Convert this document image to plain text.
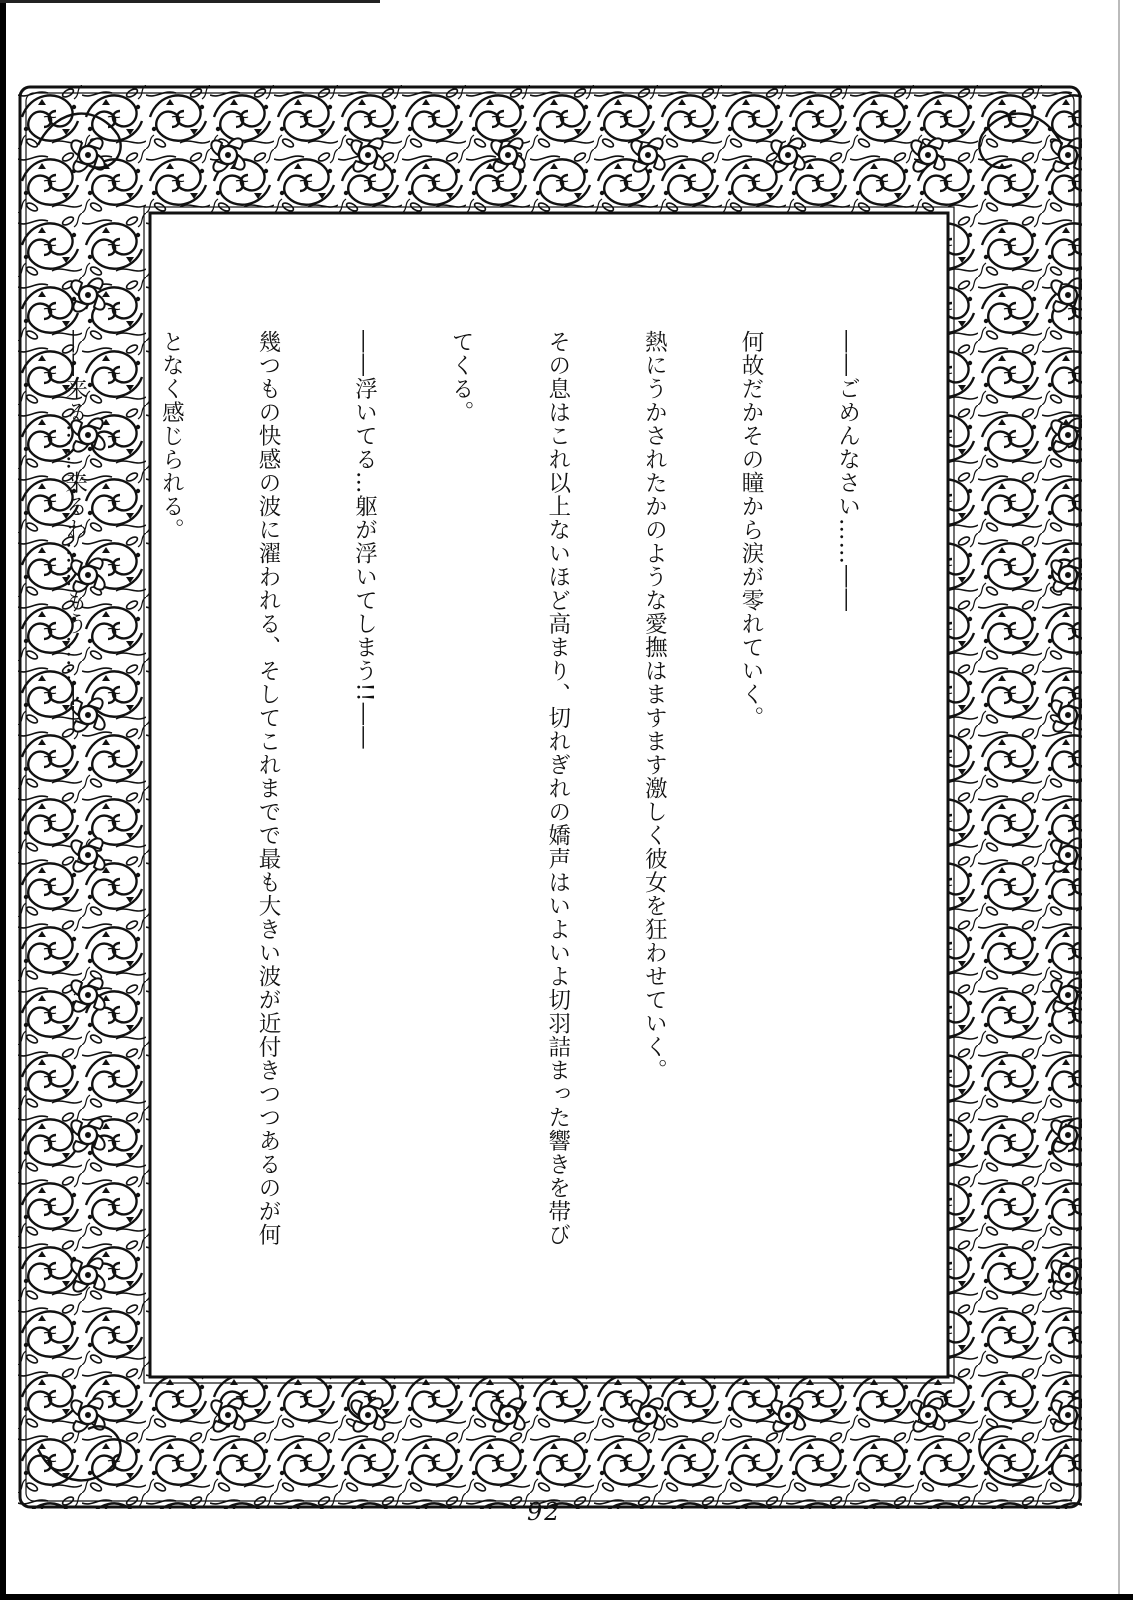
――ごめんなさい……――

何故だかその瞳から涙が零れていく。

熱にうかされたかのような愛撫はますます激しく彼女を狂わせていく。

その息はこれ以上ないほど高まり、切れぎれの嬌声はいよいよ切羽詰まった響きを帯び

てくる。

――浮いてる…躯が浮いてしまう!!――

幾つもの快感の波に濯われる、そしてこれまでで最も大きい波が近付きつつあるのが何

となく感じられる。

――来る……来るわ……もう……――

92
